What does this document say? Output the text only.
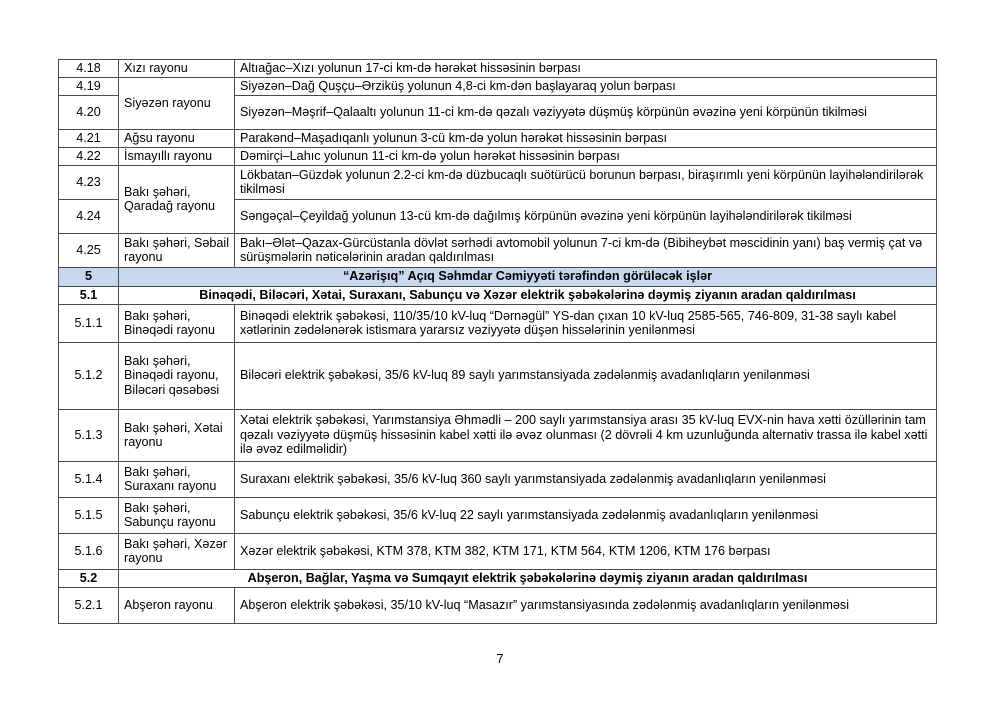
4.18	Xızı rayonu	Altıağac–Xızı yolunun 17-ci km-də hərəkət hissəsinin bərpası
4.19	Siyəzən rayonu	Siyəzən–Dağ Quşçu–Ərziküş yolunun 4,8-ci km-dən başlayaraq yolun bərpası
4.20		Siyəzən–Məşrif–Qalaaltı yolunun 11-ci km-də qəzalı vəziyyətə düşmüş körpünün əvəzinə yeni körpünün tikilməsi
4.21	Ağsu rayonu	Parakənd–Maşadıqanlı yolunun 3-cü km-də yolun hərəkət hissəsinin bərpası
4.22	İsmayıllı rayonu	Dəmirçi–Lahıc yolunun 11-ci km-də yolun hərəkət hissəsinin bərpası
4.23	Bakı şəhəri, Qaradağ rayonu	Lökbatan–Güzdək yolunun 2.2-ci km-də düzbucaqlı suötürücü borunun bərpası, biraşırımlı yeni körpünün layihələndirilərək tikilməsi
4.24		Səngəçal–Çeyildağ yolunun 13-cü km-də dağılmış körpünün əvəzinə yeni körpünün layihələndirilərək tikilməsi
4.25	Bakı şəhəri, Səbail rayonu	Bakı–Ələt–Qazax-Gürcüstanla dövlət sərhədi avtomobil yolunun 7-ci km-də (Bibiheybət məscidinin yanı) baş vermiş çat və sürüşmələrin nəticələrinin aradan qaldırılması
5	“Azərişıq” Açıq Səhmdar Cəmiyyəti tərəfindən görüləcək işlər	
5.1	Binəqədi, Biləcəri, Xətai, Suraxanı, Sabunçu və Xəzər elektrik şəbəkələrinə dəymiş ziyanın aradan qaldırılması	
5.1.1	Bakı şəhəri, Binəqədi rayonu	Binəqədi elektrik şəbəkəsi, 110/35/10 kV-luq “Dərnəgül” YS-dan çıxan 10 kV-luq 2585-565, 746-809, 31-38 saylı kabel xətlərinin zədələnərək istismara yararsız vəziyyətə düşən hissələrinin yenilənməsi
5.1.2	Bakı şəhəri, Binəqədi rayonu, Biləcəri qəsəbəsi	Biləcəri elektrik şəbəkəsi, 35/6 kV-luq 89 saylı yarımstansiyada zədələnmiş avadanlıqların yenilənməsi
5.1.3	Bakı şəhəri, Xətai rayonu	Xətai elektrik şəbəkəsi, Yarımstansiya Əhmədli – 200 saylı yarımstansiya arası 35 kV-luq EVX-nin hava xətti özüllərinin tam qəzalı vəziyyətə düşmüş hissəsinin kabel xətti ilə əvəz olunması (2 dövrəli 4 km uzunluğunda alternativ trassa ilə kabel xətti ilə əvəz edilməlidir)
5.1.4	Bakı şəhəri, Suraxanı rayonu	Suraxanı elektrik şəbəkəsi, 35/6 kV-luq 360 saylı yarımstansiyada zədələnmiş avadanlıqların yenilənməsi
5.1.5	Bakı şəhəri, Sabunçu rayonu	Sabunçu elektrik şəbəkəsi, 35/6 kV-luq 22 saylı yarımstansiyada zədələnmiş avadanlıqların yenilənməsi
5.1.6	Bakı şəhəri, Xəzər rayonu	Xəzər elektrik şəbəkəsi, KTM 378, KTM 382, KTM 171, KTM 564, KTM 1206, KTM 176 bərpası
5.2	Abşeron, Bağlar, Yaşma və Sumqayıt elektrik şəbəkələrinə dəymiş ziyanın aradan qaldırılması	
5.2.1	Abşeron rayonu	Abşeron elektrik şəbəkəsi, 35/10 kV-luq “Masazır” yarımstansiyasında zədələnmiş avadanlıqların yenilənməsi
7
